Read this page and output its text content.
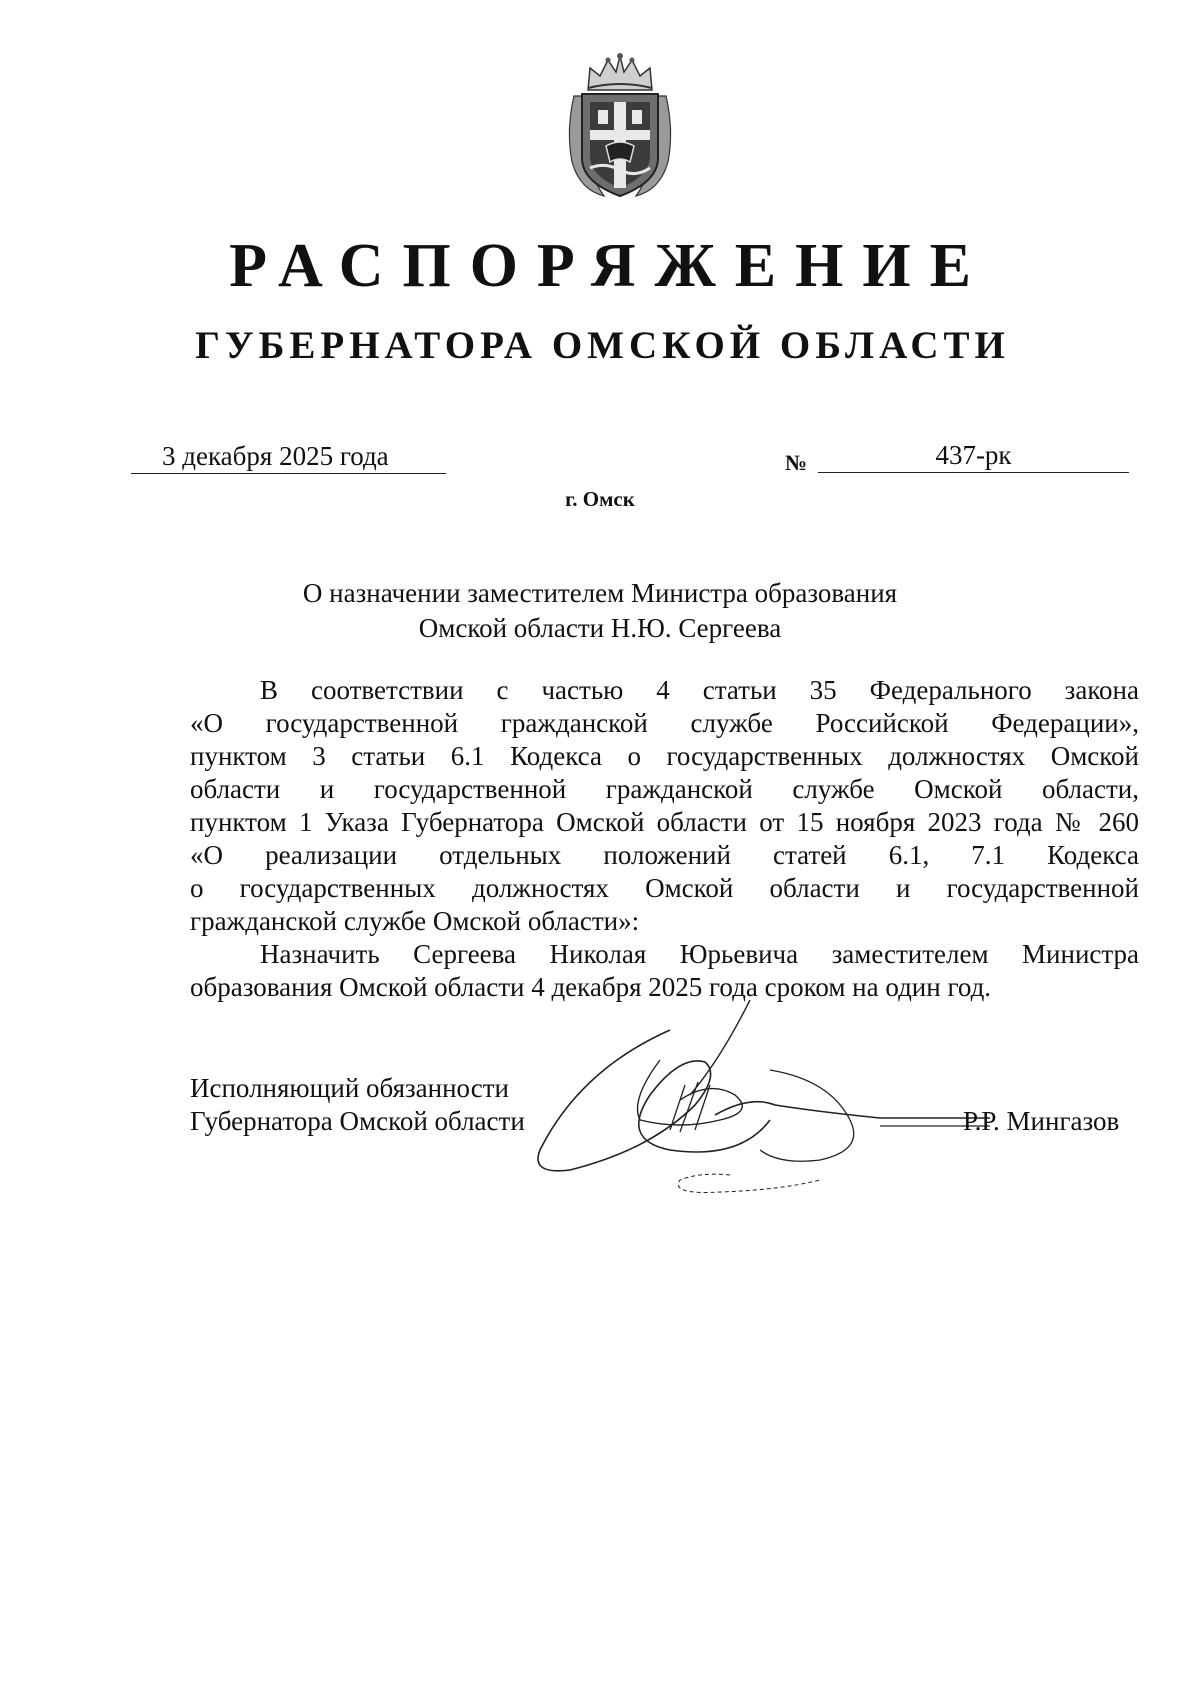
РАСПОРЯЖЕНИЕ
ГУБЕРНАТОРА ОМСКОЙ ОБЛАСТИ
3 декабря 2025 года	№	437-рк
г. Омск
О назначении заместителем Министра образования
Омской области Н.Ю. Сергеева
В соответствии с частью 4 статьи 35 Федерального закона
«О государственной гражданской службе Российской Федерации»,
пунктом 3 статьи 6.1 Кодекса о государственных должностях Омской
области и государственной гражданской службе Омской области,
пунктом 1 Указа Губернатора Омской области от 15 ноября 2023 года № 260
«О реализации отдельных положений статей 6.1, 7.1 Кодекса
о государственных должностях Омской области и государственной
гражданской службе Омской области»:
Назначить Сергеева Николая Юрьевича заместителем Министра
образования Омской области 4 декабря 2025 года сроком на один год.
Исполняющий обязанности
Губернатора Омской области	Р.Р. Мингазов
